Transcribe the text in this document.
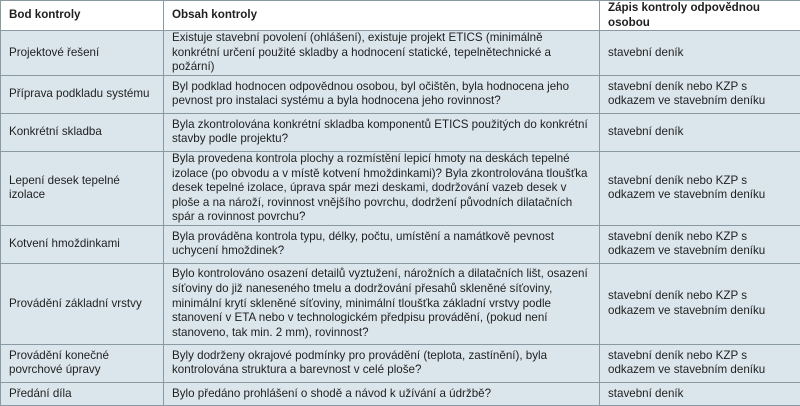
Bod kontroly	Obsah kontroly	Zápis kontroly odpovědnou osobou
Projektové řešení	Existuje stavební povolení (ohlášení), existuje projekt ETICS (minimálně konkrétní určení použité skladby a hodnocení statické, tepelnětechnické a požární)	stavební deník
Příprava podkladu systému	Byl podklad hodnocen odpovědnou osobou, byl očištěn, byla hodnocena jeho pevnost pro instalaci systému a byla hodnocena jeho rovinnost?	stavební deník nebo KZP s odkazem ve stavebním deníku
Konkrétní skladba	Byla zkontrolována konkrétní skladba komponentů ETICS použitých do konkrétní stavby podle projektu?	stavební deník
Lepení desek tepelné izolace	Byla provedena kontrola plochy a rozmístění lepicí hmoty na deskách tepelné izolace (po obvodu a v místě kotvení hmoždinkami)? Byla zkontrolována tloušťka desek tepelné izolace, úprava spár mezi deskami, dodržování vazeb desek v ploše a na nároží, rovinnost vnějšího povrchu, dodržení původních dilatačních spár a rovinnost povrchu?	stavební deník nebo KZP s odkazem ve stavebním deníku
Kotvení hmoždinkami	Byla prováděna kontrola typu, délky, počtu, umístění a namátkově pevnost uchycení hmoždinek?	stavební deník nebo KZP s odkazem ve stavebním deníku
Provádění základní vrstvy	Bylo kontrolováno osazení detailů vyztužení, nárožních a dilatačních lišt, osazení síťoviny do již naneseného tmelu a dodržování přesahů skleněné síťoviny, minimální krytí skleněné síťoviny, minimální tloušťka základní vrstvy podle stanovení v ETA nebo v technologickém předpisu provádění, (pokud není stanoveno, tak min. 2 mm), rovinnost?	stavební deník nebo KZP s odkazem ve stavebním deníku
Provádění konečné povrchové úpravy	Byly dodrženy okrajové podmínky pro provádění (teplota, zastínění), byla kontrolována struktura a barevnost v celé ploše?	stavební deník nebo KZP s odkazem ve stavebním deníku
Předání díla	Bylo předáno prohlášení o shodě a návod k užívání a údržbě?	stavební deník
